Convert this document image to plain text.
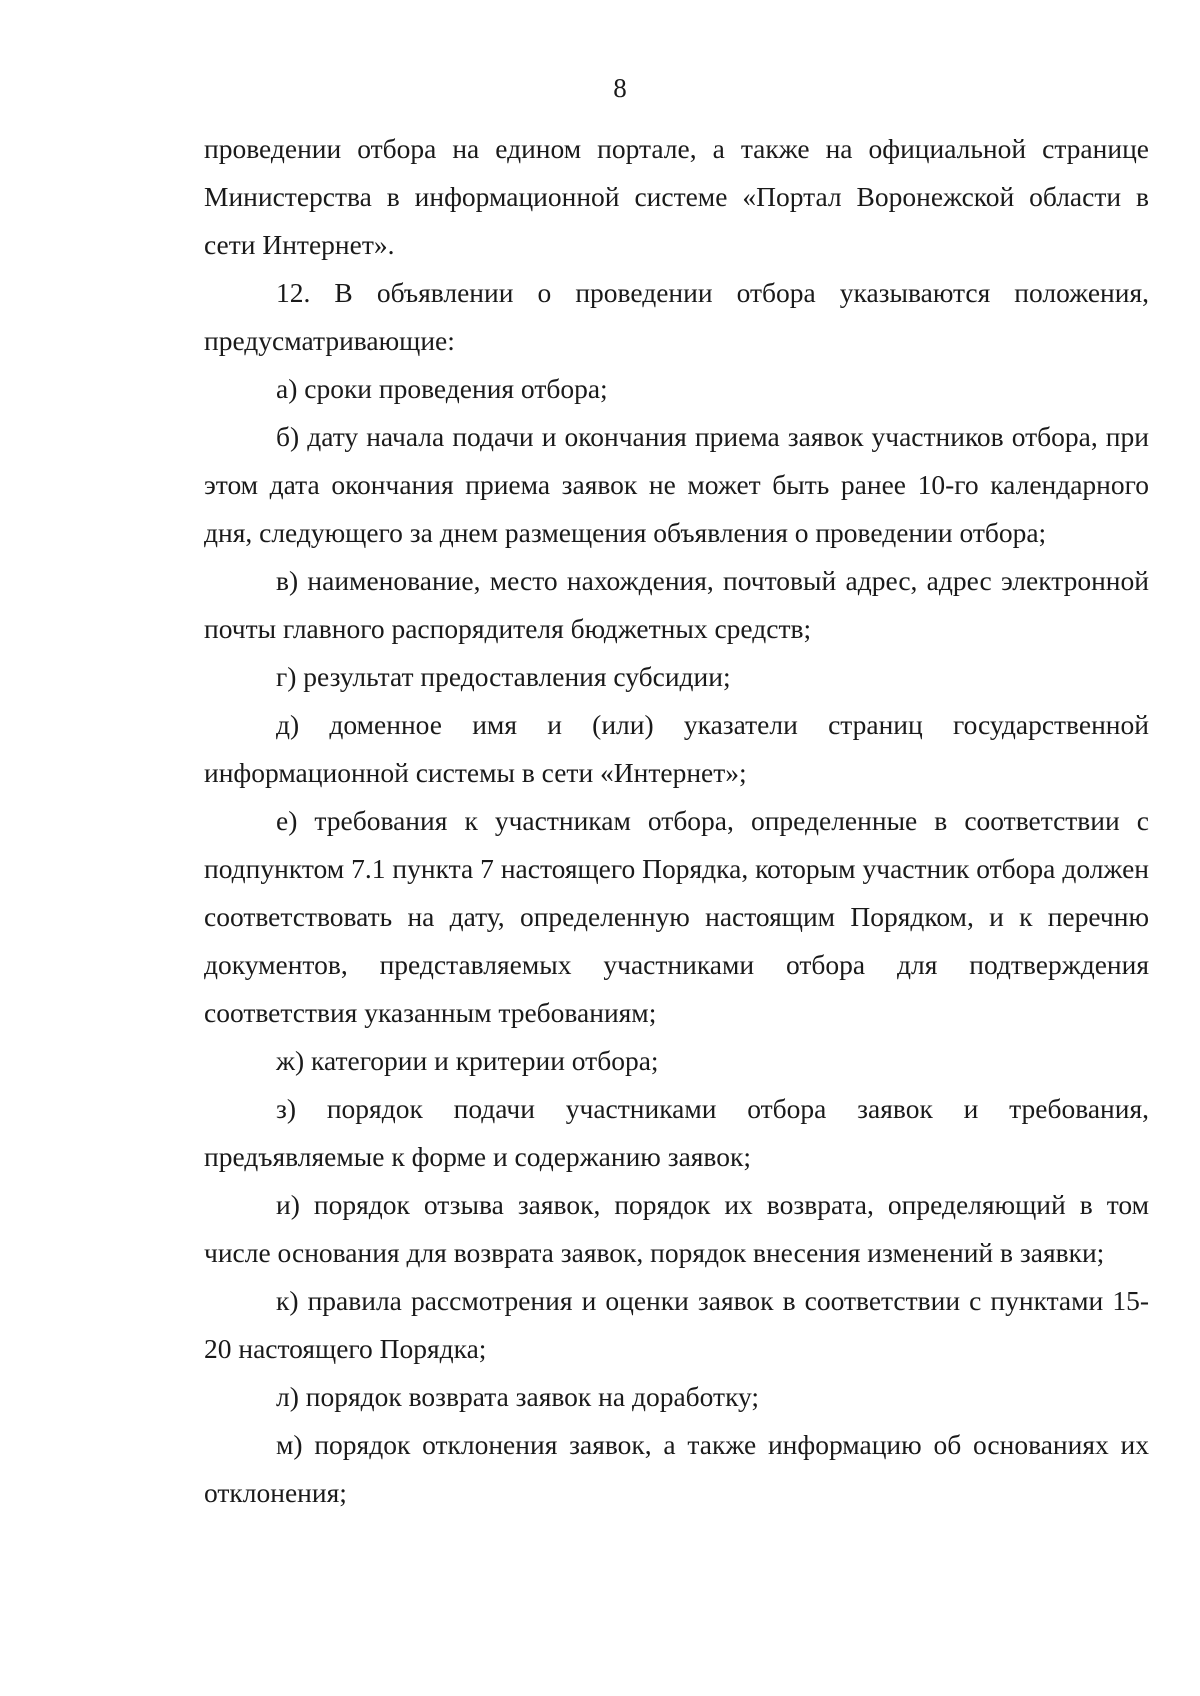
8

проведении отбора на едином портале, а также на официальной странице Министерства в информационной системе «Портал Воронежской области в сети Интернет».

12. В объявлении о проведении отбора указываются положения, предусматривающие:

а) сроки проведения отбора;

б) дату начала подачи и окончания приема заявок участников отбора, при этом дата окончания приема заявок не может быть ранее 10-го календарного дня, следующего за днем размещения объявления о проведении отбора;

в) наименование, место нахождения, почтовый адрес, адрес электронной почты главного распорядителя бюджетных средств;

г) результат предоставления субсидии;

д) доменное имя и (или) указатели страниц государственной информационной системы в сети «Интернет»;

е) требования к участникам отбора, определенные в соответствии с подпунктом 7.1 пункта 7 настоящего Порядка, которым участник отбора должен соответствовать на дату, определенную настоящим Порядком, и к перечню документов, представляемых участниками отбора для подтверждения соответствия указанным требованиям;

ж) категории и критерии отбора;

з) порядок подачи участниками отбора заявок и требования, предъявляемые к форме и содержанию заявок;

и) порядок отзыва заявок, порядок их возврата, определяющий в том числе основания для возврата заявок, порядок внесения изменений в заявки;

к) правила рассмотрения и оценки заявок в соответствии с пунктами 15-20 настоящего Порядка;

л) порядок возврата заявок на доработку;

м) порядок отклонения заявок, а также информацию об основаниях их отклонения;
